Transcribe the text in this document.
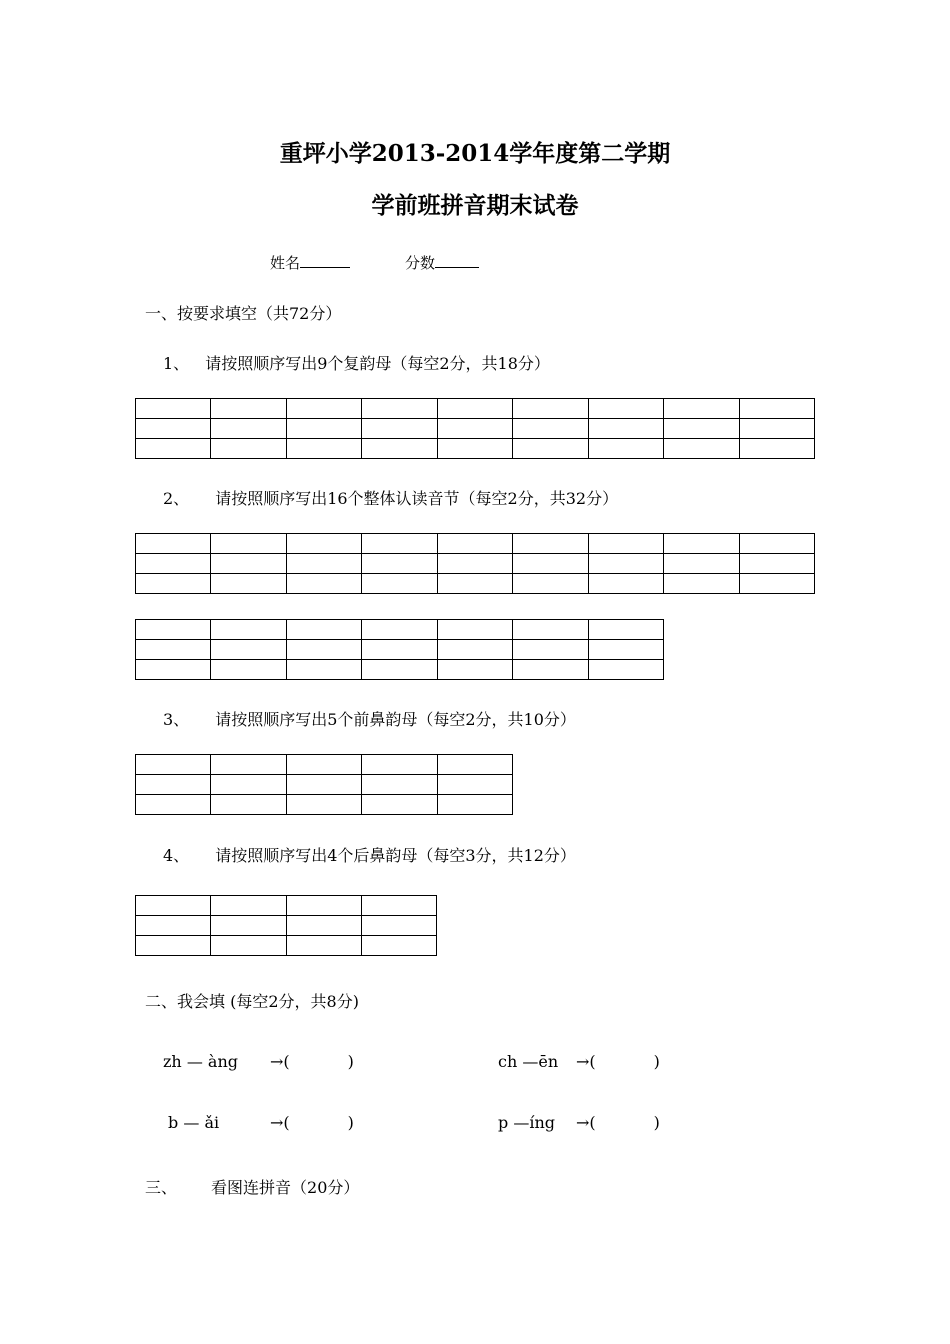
重坪小学2013-2014学年度第二学期
学前班拼音期末试卷
姓名	分数
一、按要求填空（共72分）
1、 请按照顺序写出9个复韵母（每空2分，共18分）

2、 请按照顺序写出16个整体认读音节（每空2分，共32分）

3、 请按照顺序写出5个前鼻韵母（每空2分，共10分）

4、 请按照顺序写出4个后鼻韵母（每空3分，共12分）

二、我会填 (每空2分，共8分)
zh — àng →(	)	ch —ēn →(	)
b — ǎi	→(	)	p —íng →(	)
三、 看图连拼音（20分）
